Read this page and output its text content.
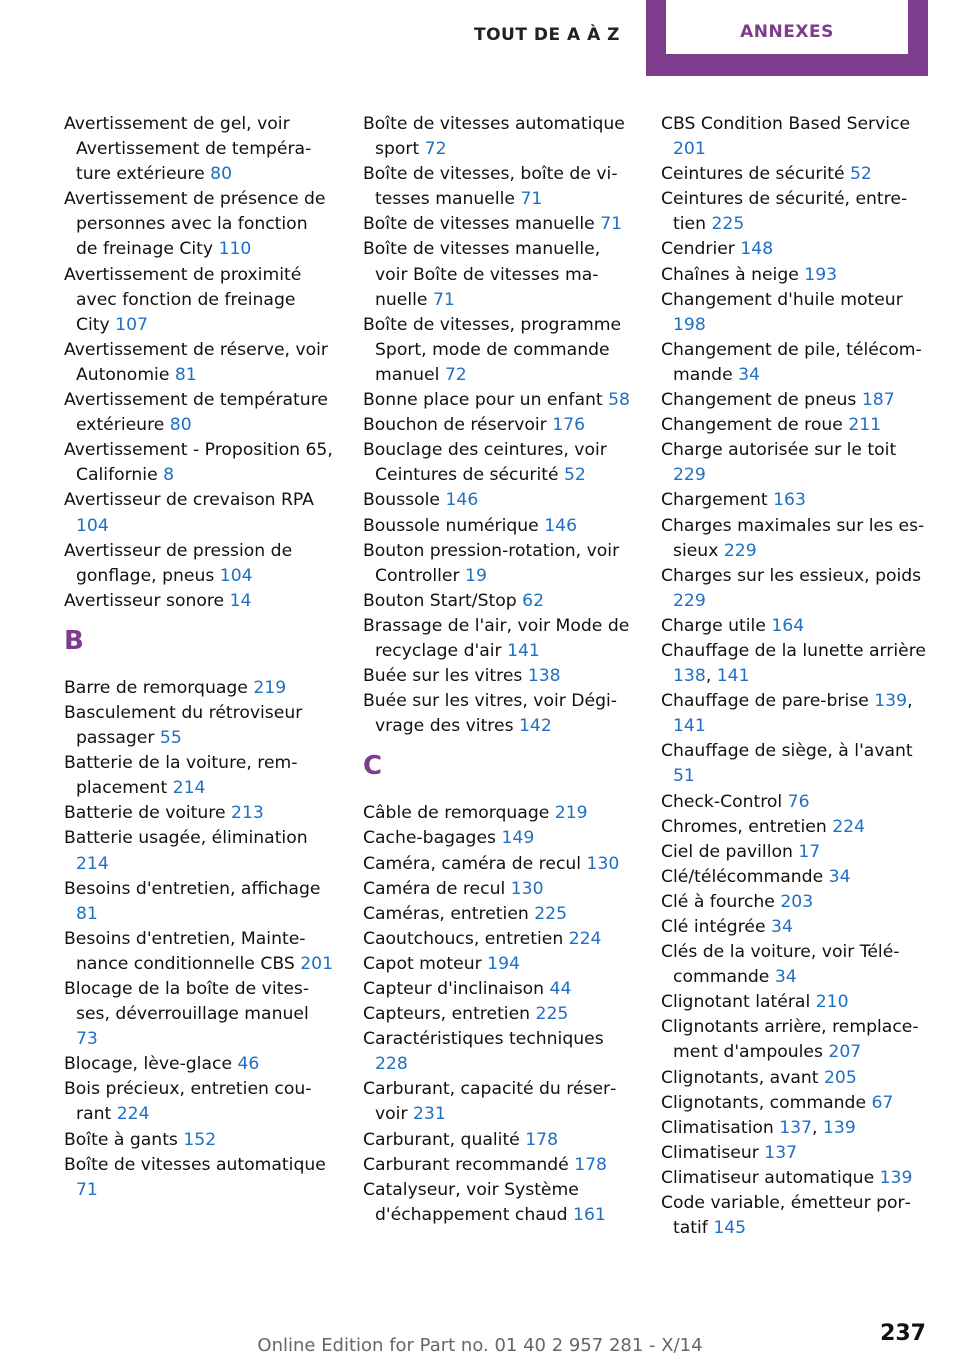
TOUT DE A À Z	ANNEXES
Avertissement de gel, voir Avertissement de température extérieure 80
Avertissement de présence de personnes avec la fonction de freinage City 110
Avertissement de proximité avec fonction de freinage City 107
Avertissement de réserve, voir Autonomie 81
Avertissement de température extérieure 80
Avertissement - Proposition 65, Californie 8
Avertisseur de crevaison RPA 104
Avertisseur de pression de gonflage, pneus 104
Avertisseur sonore 14
B
Barre de remorquage 219
Basculement du rétroviseur passager 55
Batterie de la voiture, remplacement 214
Batterie de voiture 213
Batterie usagée, élimination 214
Besoins d'entretien, affichage 81
Besoins d'entretien, Maintenance conditionnelle CBS 201
Blocage de la boîte de vitesses, déverrouillage manuel 73
Blocage, lève-glace 46
Bois précieux, entretien courant 224
Boîte à gants 152
Boîte de vitesses automatique 71
Boîte de vitesses automatique sport 72
Boîte de vitesses, boîte de vitesses manuelle 71
Boîte de vitesses manuelle 71
Boîte de vitesses manuelle, voir Boîte de vitesses manuelle 71
Boîte de vitesses, programme Sport, mode de commande manuel 72
Bonne place pour un enfant 58
Bouchon de réservoir 176
Bouclage des ceintures, voir Ceintures de sécurité 52
Boussole 146
Boussole numérique 146
Bouton pression-rotation, voir Controller 19
Bouton Start/Stop 62
Brassage de l'air, voir Mode de recyclage d'air 141
Buée sur les vitres 138
Buée sur les vitres, voir Dégivrage des vitres 142
C
Câble de remorquage 219
Cache-bagages 149
Caméra, caméra de recul 130
Caméra de recul 130
Caméras, entretien 225
Caoutchoucs, entretien 224
Capot moteur 194
Capteur d'inclinaison 44
Capteurs, entretien 225
Caractéristiques techniques 228
Carburant, capacité du réservoir 231
Carburant, qualité 178
Carburant recommandé 178
Catalyseur, voir Système d'échappement chaud 161
CBS Condition Based Service 201
Ceintures de sécurité 52
Ceintures de sécurité, entretien 225
Cendrier 148
Chaînes à neige 193
Changement d'huile moteur 198
Changement de pile, télécommande 34
Changement de pneus 187
Changement de roue 211
Charge autorisée sur le toit 229
Chargement 163
Charges maximales sur les essieux 229
Charges sur les essieux, poids 229
Charge utile 164
Chauffage de la lunette arrière 138, 141
Chauffage de pare-brise 139, 141
Chauffage de siège, à l'avant 51
Check-Control 76
Chromes, entretien 224
Ciel de pavillon 17
Clé/télécommande 34
Clé à fourche 203
Clé intégrée 34
Clés de la voiture, voir Télécommande 34
Clignotant latéral 210
Clignotants arrière, remplacement d'ampoules 207
Clignotants, avant 205
Clignotants, commande 67
Climatisation 137, 139
Climatiseur 137
Climatiseur automatique 139
Code variable, émetteur portatif 145
237
Online Edition for Part no. 01 40 2 957 281 - X/14
